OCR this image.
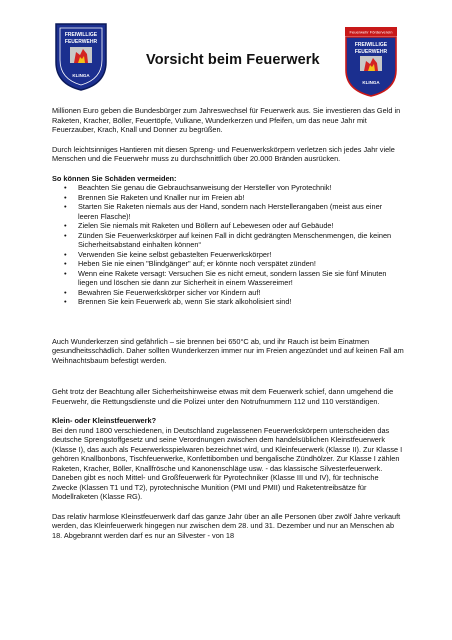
FREIWILLIGE
FEUERWEHR
KLINGA
Feuerwehr Förderverein
FREIWILLIGE
FEUERWEHR
KLINGA
Vorsicht beim Feuerwerk

Millionen Euro geben die Bundesbürger zum Jahreswechsel für Feuerwerk aus. Sie investieren das Geld in Raketen, Kracher, Böller, Feuertöpfe, Vulkane, Wunderkerzen und Pfeifen, um das neue Jahr mit Feuerzauber, Krach, Knall und Donner zu begrüßen.

Durch leichtsinniges Hantieren mit diesen Spreng- und Feuerwerkskörpern verletzen sich jedes Jahr viele Menschen und die Feuerwehr muss zu durchschnittlich über 20.000 Bränden ausrücken.

So können Sie Schäden vermeiden:

• Beachten Sie genau die Gebrauchsanweisung der Hersteller von Pyrotechnik!
• Brennen Sie Raketen und Knaller nur im Freien ab!
• Starten Sie Raketen niemals aus der Hand, sondern nach Herstellerangaben (meist aus einer leeren Flasche)!
• Zielen Sie niemals mit Raketen und Böllern auf Lebewesen oder auf Gebäude!
• Zünden Sie Feuerwerkskörper auf keinen Fall in dicht gedrängten Menschenmengen, die keinen Sicherheitsabstand einhalten können“
• Verwenden Sie keine selbst gebastelten Feuerwerkskörper!
• Heben Sie nie einen "Blindgänger" auf; er könnte noch verspätet zünden!
• Wenn eine Rakete versagt: Versuchen Sie es nicht erneut, sondern lassen Sie sie fünf Minuten liegen und löschen sie dann zur Sicherheit in einem Wassereimer!
• Bewahren Sie Feuerwerkskörper sicher vor Kindern auf!
• Brennen Sie kein Feuerwerk ab, wenn Sie stark alkoholisiert sind!

Auch Wunderkerzen sind gefährlich – sie brennen bei 650°C ab, und ihr Rauch ist beim Einatmen gesundheitsschädlich. Daher sollten Wunderkerzen immer nur im Freien angezündet und auf keinen Fall am Weihnachtsbaum befestigt werden.

Geht trotz der Beachtung aller Sicherheitshinweise etwas mit dem Feuerwerk schief, dann umgehend die Feuerwehr, die Rettungsdienste und die Polizei unter den Notrufnummern 112 und 110 verständigen.

Klein- oder Kleinstfeuerwerk?

Bei den rund 1800 verschiedenen, in Deutschland zugelassenen Feuerwerkskörpern unterscheiden das deutsche Sprengstoffgesetz und seine Verordnungen zwischen dem handelsüblichen Kleinstfeuerwerk (Klasse I), das auch als Feuerwerksspielwaren bezeichnet wird, und Kleinfeuerwerk (Klasse II). Zur Klasse I gehören Knallbonbons, Tischfeuerwerke, Konfettibomben und bengalische Zündhölzer. Zur Klasse I zählen Raketen, Kracher, Böller, Knallfrösche und Kanonenschläge usw. - das klassische Silvesterfeuerwerk. Daneben gibt es noch Mittel- und Großfeuerwerk für Pyrotechniker (Klasse III und IV), für technische Zwecke (Klassen T1 und T2), pyrotechnische Munition (PMI und PMII) und Raketentreibsätze für Modellraketen (Klasse RG).

Das relativ harmlose Kleinstfeuerwerk darf das ganze Jahr über an alle Personen über zwölf Jahre verkauft werden, das Kleinfeuerwerk hingegen nur zwischen dem 28. und 31. Dezember und nur an Menschen ab 18. Abgebrannt werden darf es nur an Silvester - von 18
